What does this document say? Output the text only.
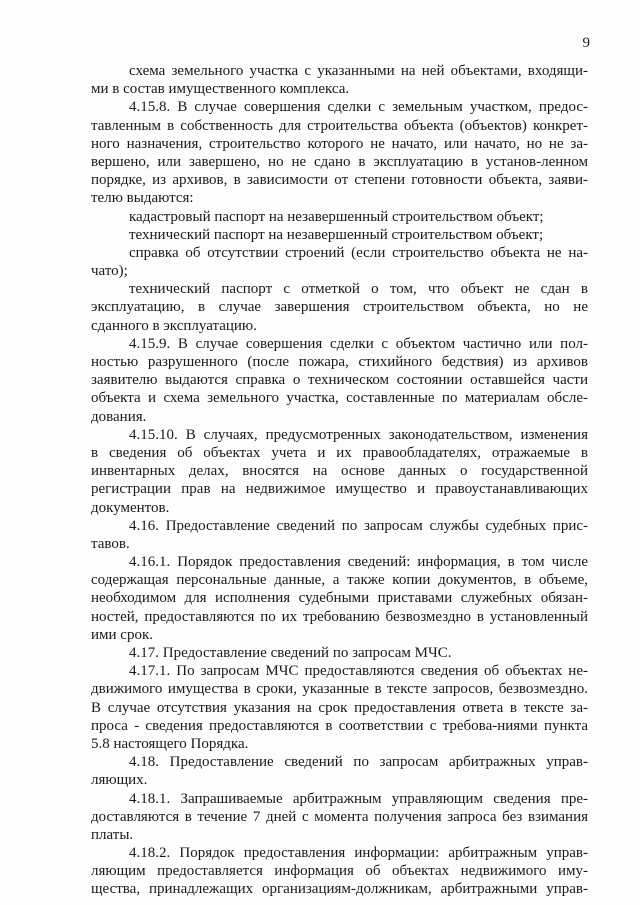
9
схема земельного участка с указанными на ней объектами, входящи-
ми в состав имущественного комплекса.
4.15.8. В случае совершения сделки с земельным участком, предос-
тавленным в собственность для строительства объекта (объектов) конкрет-
ного назначения, строительство которого не начато, или начато, но не за-
вершено, или завершено, но не сдано в эксплуатацию в установ-ленном
порядке, из архивов, в зависимости от степени готовности объекта, заяви-
телю выдаются:
кадастровый паспорт на незавершенный строительством объект;
технический паспорт на незавершенный строительством объект;
справка об отсутствии строений (если строительство объекта не на-
чато);
технический паспорт с отметкой о том, что объект не сдан в
эксплуатацию, в случае завершения строительством объекта, но не
сданного в эксплуатацию.
4.15.9. В случае совершения сделки с объектом частично или пол-
ностью разрушенного (после пожара, стихийного бедствия) из архивов
заявителю выдаются справка о техническом состоянии оставшейся части
объекта и схема земельного участка, составленные по материалам обсле-
дования.
4.15.10. В случаях, предусмотренных законодательством, изменения
в сведения об объектах учета и их правообладателях, отражаемые в
инвентарных делах, вносятся на основе данных о государственной
регистрации прав на недвижимое имущество и правоустанавливающих
документов.
4.16. Предоставление сведений по запросам службы судебных прис-
тавов.
4.16.1. Порядок предоставления сведений: информация, в том числе
содержащая персональные данные, а также копии документов, в объеме,
необходимом для исполнения судебными приставами служебных обязан-
ностей, предоставляются по их требованию безвозмездно в установленный
ими срок.
4.17. Предоставление сведений по запросам МЧС.
4.17.1. По запросам МЧС предоставляются сведения об объектах не-
движимого имущества в сроки, указанные в тексте запросов, безвозмездно.
В случае отсутствия указания на срок предоставления ответа в тексте за-
проса - сведения предоставляются в соответствии с требова-ниями пункта
5.8 настоящего Порядка.
4.18. Предоставление сведений по запросам арбитражных управ-
ляющих.
4.18.1. Запрашиваемые арбитражным управляющим сведения пре-
доставляются в течение 7 дней с момента получения запроса без взимания
платы.
4.18.2. Порядок предоставления информации: арбитражным управ-
ляющим предоставляется информация об объектах недвижимого иму-
щества, принадлежащих организациям-должникам, арбитражными управ-
